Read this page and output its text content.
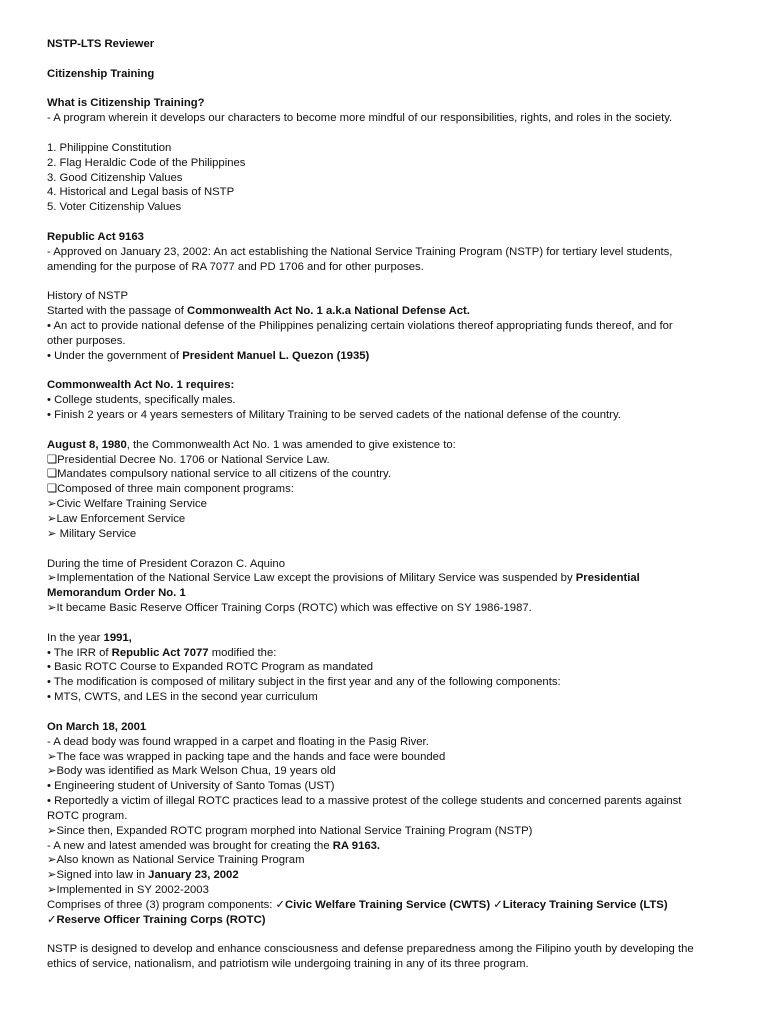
NSTP-LTS Reviewer
Citizenship Training
What is Citizenship Training?
- A program wherein it develops our characters to become more mindful of our responsibilities, rights, and roles in the society.
1. Philippine Constitution
2. Flag Heraldic Code of the Philippines
3. Good Citizenship Values
4. Historical and Legal basis of NSTP
5. Voter Citizenship Values
Republic Act 9163
- Approved on January 23, 2002: An act establishing the National Service Training Program (NSTP) for tertiary level students,
amending for the purpose of RA 7077 and PD 1706 and for other purposes.
History of NSTP
Started with the passage of Commonwealth Act No. 1 a.k.a National Defense Act.
• An act to provide national defense of the Philippines penalizing certain violations thereof appropriating funds thereof, and for
other purposes.
• Under the government of President Manuel L. Quezon (1935)
Commonwealth Act No. 1 requires:
• College students, specifically males.
• Finish 2 years or 4 years semesters of Military Training to be served cadets of the national defense of the country.
August 8, 1980, the Commonwealth Act No. 1 was amended to give existence to:
❑Presidential Decree No. 1706 or National Service Law.
❑Mandates compulsory national service to all citizens of the country.
❑Composed of three main component programs:
➢Civic Welfare Training Service
➢Law Enforcement Service
➢ Military Service
During the time of President Corazon C. Aquino
➢Implementation of the National Service Law except the provisions of Military Service was suspended by Presidential
Memorandum Order No. 1
➢It became Basic Reserve Officer Training Corps (ROTC) which was effective on SY 1986-1987.
In the year 1991,
• The IRR of Republic Act 7077 modified the:
• Basic ROTC Course to Expanded ROTC Program as mandated
• The modification is composed of military subject in the first year and any of the following components:
• MTS, CWTS, and LES in the second year curriculum
On March 18, 2001
- A dead body was found wrapped in a carpet and floating in the Pasig River.
➢The face was wrapped in packing tape and the hands and face were bounded
➢Body was identified as Mark Welson Chua, 19 years old
• Engineering student of University of Santo Tomas (UST)
• Reportedly a victim of illegal ROTC practices lead to a massive protest of the college students and concerned parents against
ROTC program.
➢Since then, Expanded ROTC program morphed into National Service Training Program (NSTP)
- A new and latest amended was brought for creating the RA 9163.
➢Also known as National Service Training Program
➢Signed into law in January 23, 2002
➢Implemented in SY 2002-2003
Comprises of three (3) program components: ✓Civic Welfare Training Service (CWTS) ✓Literacy Training Service (LTS)
✓Reserve Officer Training Corps (ROTC)
NSTP is designed to develop and enhance consciousness and defense preparedness among the Filipino youth by developing the
ethics of service, nationalism, and patriotism wile undergoing training in any of its three program.
